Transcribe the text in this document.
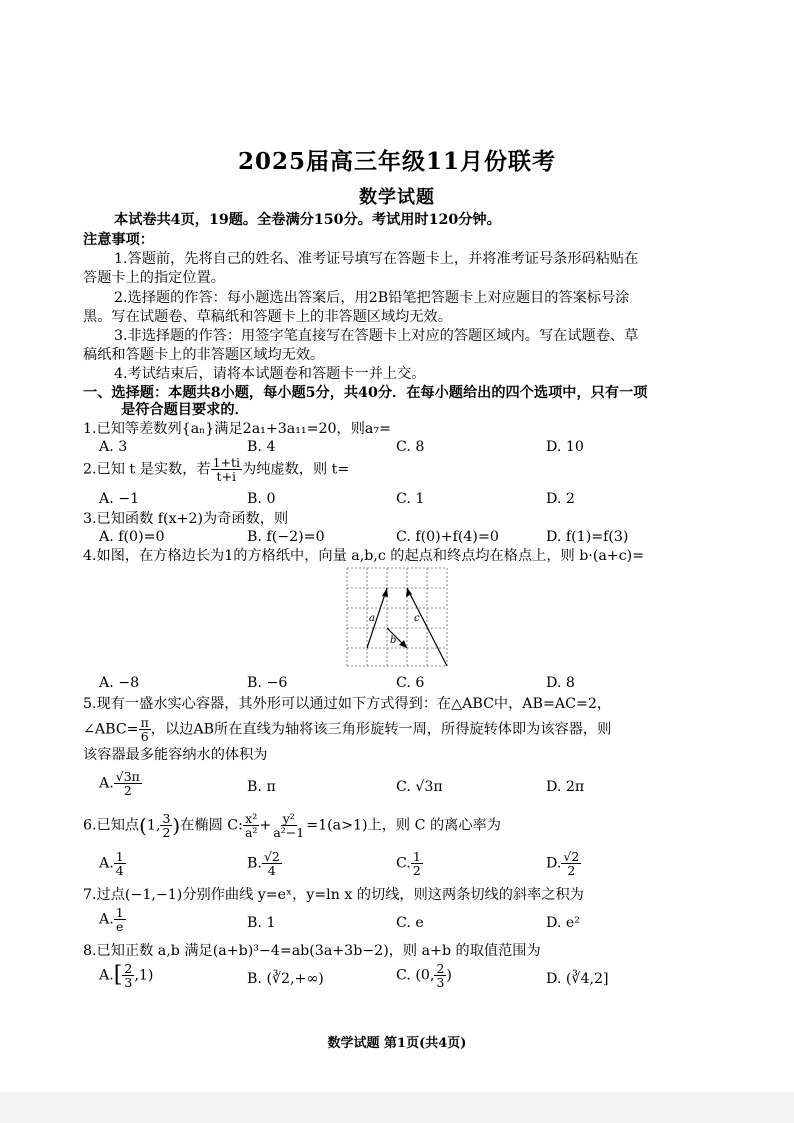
2025届高三年级11月份联考
数学试题
本试卷共4页，19题。全卷满分150分。考试用时120分钟。
注意事项：
1.答题前，先将自己的姓名、准考证号填写在答题卡上，并将准考证号条形码粘贴在
答题卡上的指定位置。
2.选择题的作答：每小题选出答案后，用2B铅笔把答题卡上对应题目的答案标号涂
黑。写在试题卷、草稿纸和答题卡上的非答题区域均无效。
3.非选择题的作答：用签字笔直接写在答题卡上对应的答题区域内。写在试题卷、草
稿纸和答题卡上的非答题区域均无效。
4.考试结束后，请将本试题卷和答题卡一并上交。
一、选择题：本题共8小题，每小题5分，共40分．在每小题给出的四个选项中，只有一项
是符合题目要求的．
1.已知等差数列{aₙ}满足2a₁+3a₁₁=20，则a₇=
A. 3	B. 4	C. 8	D. 10
2.已知 t 是实数，若 $\frac{1+ti}{t+i}$ 为纯虚数，则 t=
A. −1	B. 0	C. 1	D. 2
3.已知函数 f(x+2)为奇函数，则
A. f(0)=0	B. f(−2)=0	C. f(0)+f(4)=0	D. f(1)=f(3)
4.如图，在方格边长为1的方格纸中，向量 a,b,c 的起点和终点均在格点上，则 b·(a+c)=
a
b
c
A. −8	B. −6	C. 6	D. 8
5.现有一盛水实心容器，其外形可以通过如下方式得到：在△ABC中，AB=AC=2，
∠ABC= $\frac{\pi}{6}$ ，以边AB所在直线为轴将该三角形旋转一周，所得旋转体即为该容器，则
该容器最多能容纳水的体积为
A. $\frac{√3\pi}{2}$	B. π	C. √3π	D. 2π
6.已知点(1, $\frac{3}{2}$ )在椭圆 C: $\frac{\text{x²}}{\text{a²}} + \frac{\text{y²}}{\text{a²−1}} =1(a>1)$上，则 C 的离心率为
A. $\frac{1}{4}$	B. $\frac{√2}{4}$	C. $\frac{1}{2}$	D. $\frac{√2}{2}$
7.过点(−1,−1)分别作曲线 y=eˣ，y=ln x 的切线，则这两条切线的斜率之积为
A. $\frac{1}{e}$	B. 1	C. e	D. e²
8.已知正数 a,b 满足(a+b)³−4=ab(3a+3b−2)，则 a+b 的取值范围为
$A.[ \frac{2}{3} ,1)$	B. (∛2,+∞)	C. (0, $\frac{2}{3}$ )	D. (∛4,2]
数学试题 第1页(共4页)
